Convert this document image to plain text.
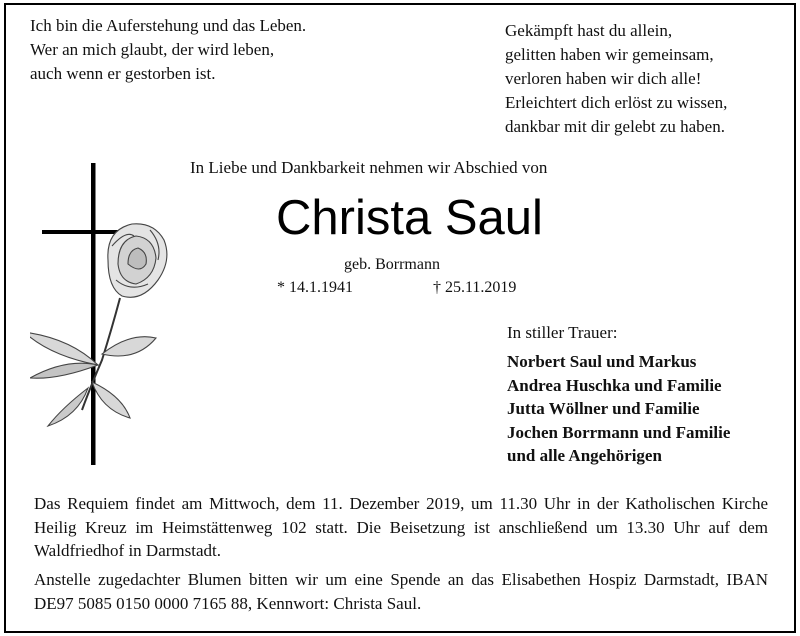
Ich bin die Auferstehung und das Leben.
Wer an mich glaubt, der wird leben,
auch wenn er gestorben ist.
Gekämpft hast du allein,
gelitten haben wir gemeinsam,
verloren haben wir dich alle!
Erleichtert dich erlöst zu wissen,
dankbar mit dir gelebt zu haben.
In Liebe und Dankbarkeit nehmen wir Abschied von
Christa Saul
geb. Borrmann
* 14.1.1941	† 25.11.2019
In stiller Trauer:
Norbert Saul und Markus
Andrea Huschka und Familie
Jutta Wöllner und Familie
Jochen Borrmann und Familie
und alle Angehörigen
Das Requiem findet am Mittwoch, dem 11. Dezember 2019, um 11.30 Uhr in der Katholischen Kirche Heilig Kreuz im Heimstättenweg 102 statt. Die Beisetzung ist anschließend um 13.30 Uhr auf dem Waldfriedhof in Darmstadt.
Anstelle zugedachter Blumen bitten wir um eine Spende an das Elisabethen Hospiz Darmstadt, IBAN DE97 5085 0150 0000 7165 88, Kennwort: Christa Saul.
